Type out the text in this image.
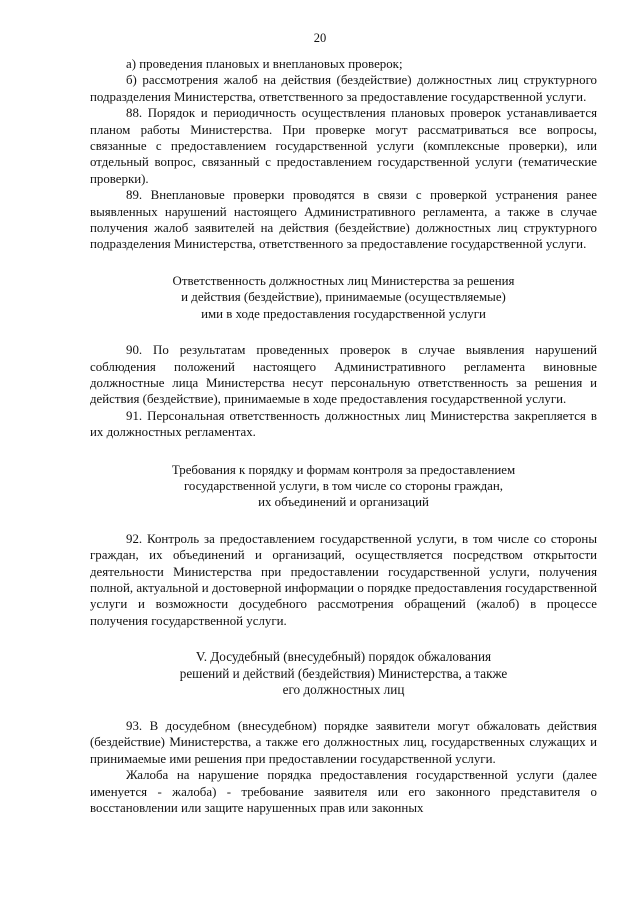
20

а) проведения плановых и внеплановых проверок;

б) рассмотрения жалоб на действия (бездействие) должностных лиц структурного подразделения Министерства, ответственного за предоставление государственной услуги.

88. Порядок и периодичность осуществления плановых проверок устанавливается планом работы Министерства. При проверке могут рассматриваться все вопросы, связанные с предоставлением государственной услуги (комплексные проверки), или отдельный вопрос, связанный с предоставлением государственной услуги (тематические проверки).

89. Внеплановые проверки проводятся в связи с проверкой устранения ранее выявленных нарушений настоящего Административного регламента, а также в случае получения жалоб заявителей на действия (бездействие) должностных лиц структурного подразделения Министерства, ответственного за предоставление государственной услуги.

Ответственность должностных лиц Министерства за решения
и действия (бездействие), принимаемые (осуществляемые)
ими в ходе предоставления государственной услуги

90. По результатам проведенных проверок в случае выявления нарушений соблюдения положений настоящего Административного регламента виновные должностные лица Министерства несут персональную ответственность за решения и действия (бездействие), принимаемые в ходе предоставления государственной услуги.

91. Персональная ответственность должностных лиц Министерства закрепляется в их должностных регламентах.

Требования к порядку и формам контроля за предоставлением
государственной услуги, в том числе со стороны граждан,
их объединений и организаций

92. Контроль за предоставлением государственной услуги, в том числе со стороны граждан, их объединений и организаций, осуществляется посредством открытости деятельности Министерства при предоставлении государственной услуги, получения полной, актуальной и достоверной информации о порядке предоставления государственной услуги и возможности досудебного рассмотрения обращений (жалоб) в процессе получения государственной услуги.

V. Досудебный (внесудебный) порядок обжалования
решений и действий (бездействия) Министерства, а также
его должностных лиц

93. В досудебном (внесудебном) порядке заявители могут обжаловать действия (бездействие) Министерства, а также его должностных лиц, государственных служащих и принимаемые ими решения при предоставлении государственной услуги.

Жалоба на нарушение порядка предоставления государственной услуги (далее именуется - жалоба) - требование заявителя или его законного представителя о восстановлении или защите нарушенных прав или законных
